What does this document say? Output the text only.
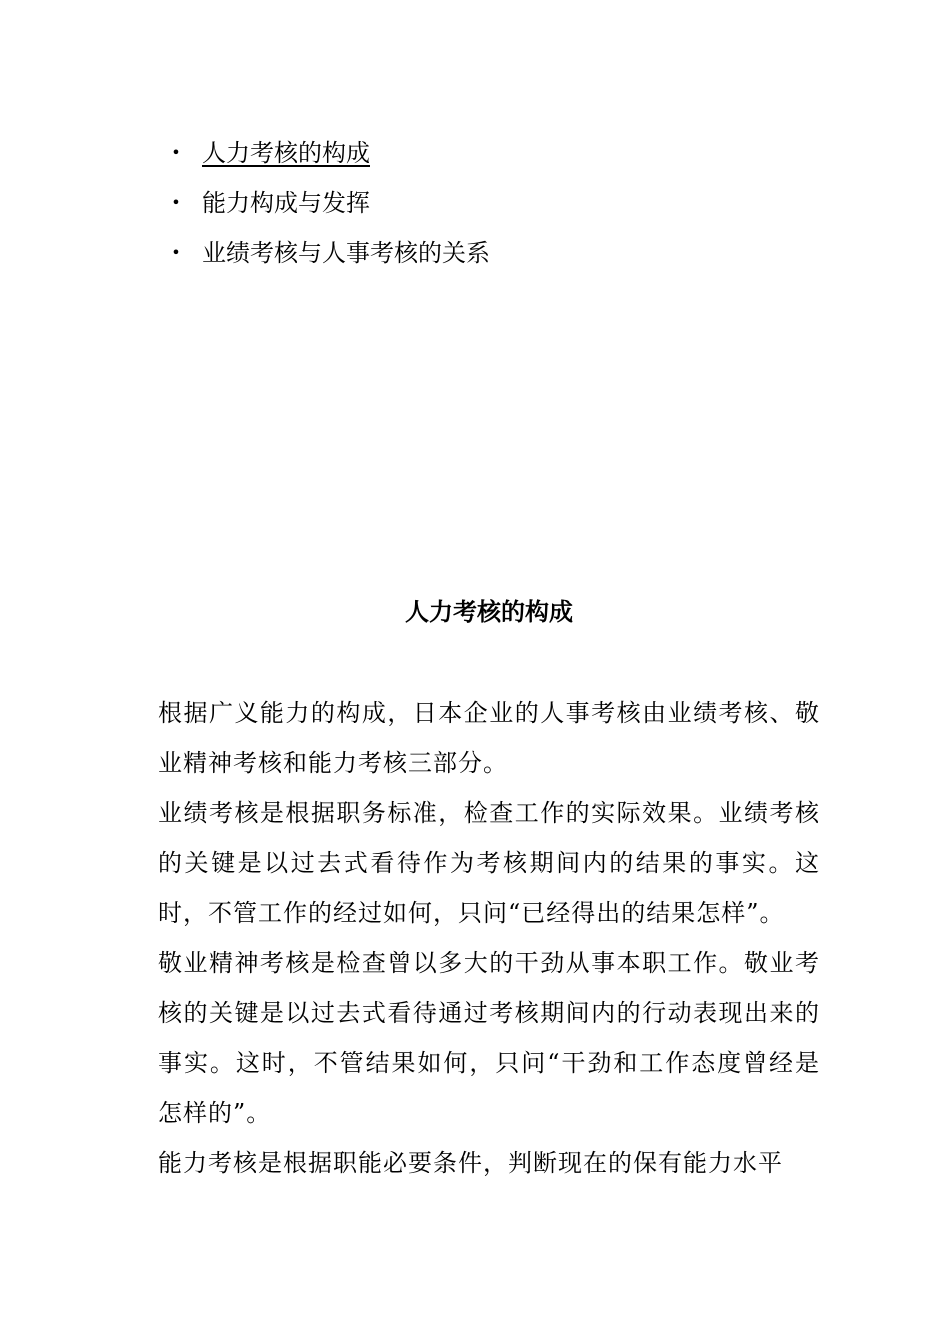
• 人力考核的构成
• 能力构成与发挥
• 业绩考核与人事考核的关系
人力考核的构成

根据广义能力的构成，日本企业的人事考核由业绩考核、敬业精神考核和能力考核三部分。

业绩考核是根据职务标准，检查工作的实际效果。业绩考核的关键是以过去式看待作为考核期间内的结果的事实。这时，不管工作的经过如何，只问“已经得出的结果怎样”。

敬业精神考核是检查曾以多大的干劲从事本职工作。敬业考核的关键是以过去式看待通过考核期间内的行动表现出来的事实。这时，不管结果如何，只问“干劲和工作态度曾经是怎样的”。

能力考核是根据职能必要条件，判断现在的保有能力水平
